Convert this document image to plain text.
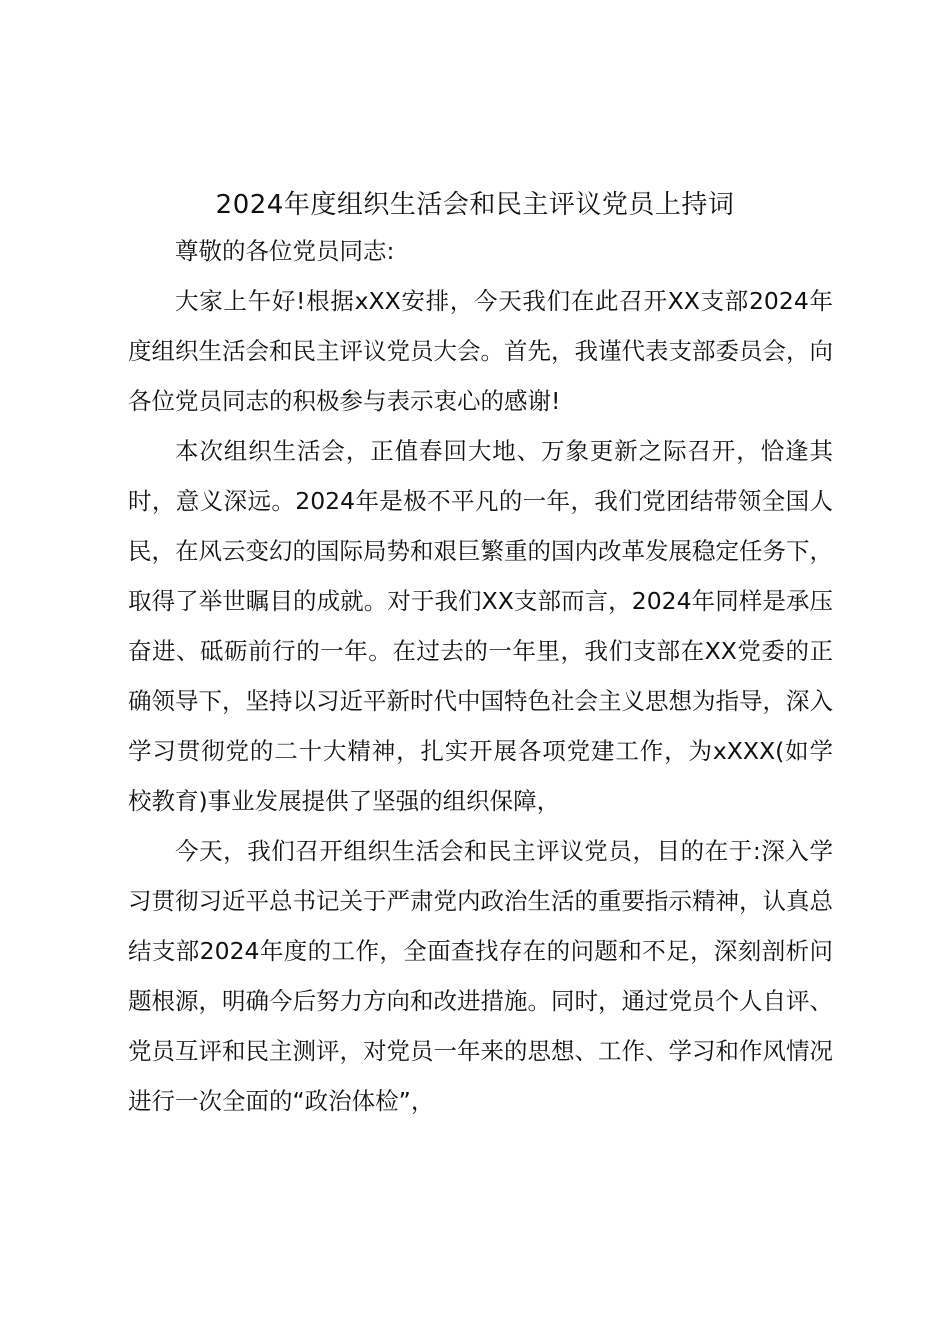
2024年度组织生活会和民主评议党员上持词

尊敬的各位党员同志:

大家上午好!根据xXX安排，今天我们在此召开XX支部2024年度组织生活会和民主评议党员大会。首先，我谨代表支部委员会，向各位党员同志的积极参与表示衷心的感谢!

本次组织生活会，正值春回大地、万象更新之际召开，恰逢其时，意义深远。2024年是极不平凡的一年，我们党团结带领全国人民，在风云变幻的国际局势和艰巨繁重的国内改革发展稳定任务下，取得了举世瞩目的成就。对于我们XX支部而言，2024年同样是承压奋进、砥砺前行的一年。在过去的一年里，我们支部在XX党委的正确领导下，坚持以习近平新时代中国特色社会主义思想为指导，深入学习贯彻党的二十大精神，扎实开展各项党建工作，为xXXX(如学校教育)事业发展提供了坚强的组织保障，

今天，我们召开组织生活会和民主评议党员，目的在于:深入学习贯彻习近平总书记关于严肃党内政治生活的重要指示精神，认真总结支部2024年度的工作，全面查找存在的问题和不足，深刻剖析问题根源，明确今后努力方向和改进措施。同时，通过党员个人自评、党员互评和民主测评，对党员一年来的思想、工作、学习和作风情况进行一次全面的“政治体检”，
